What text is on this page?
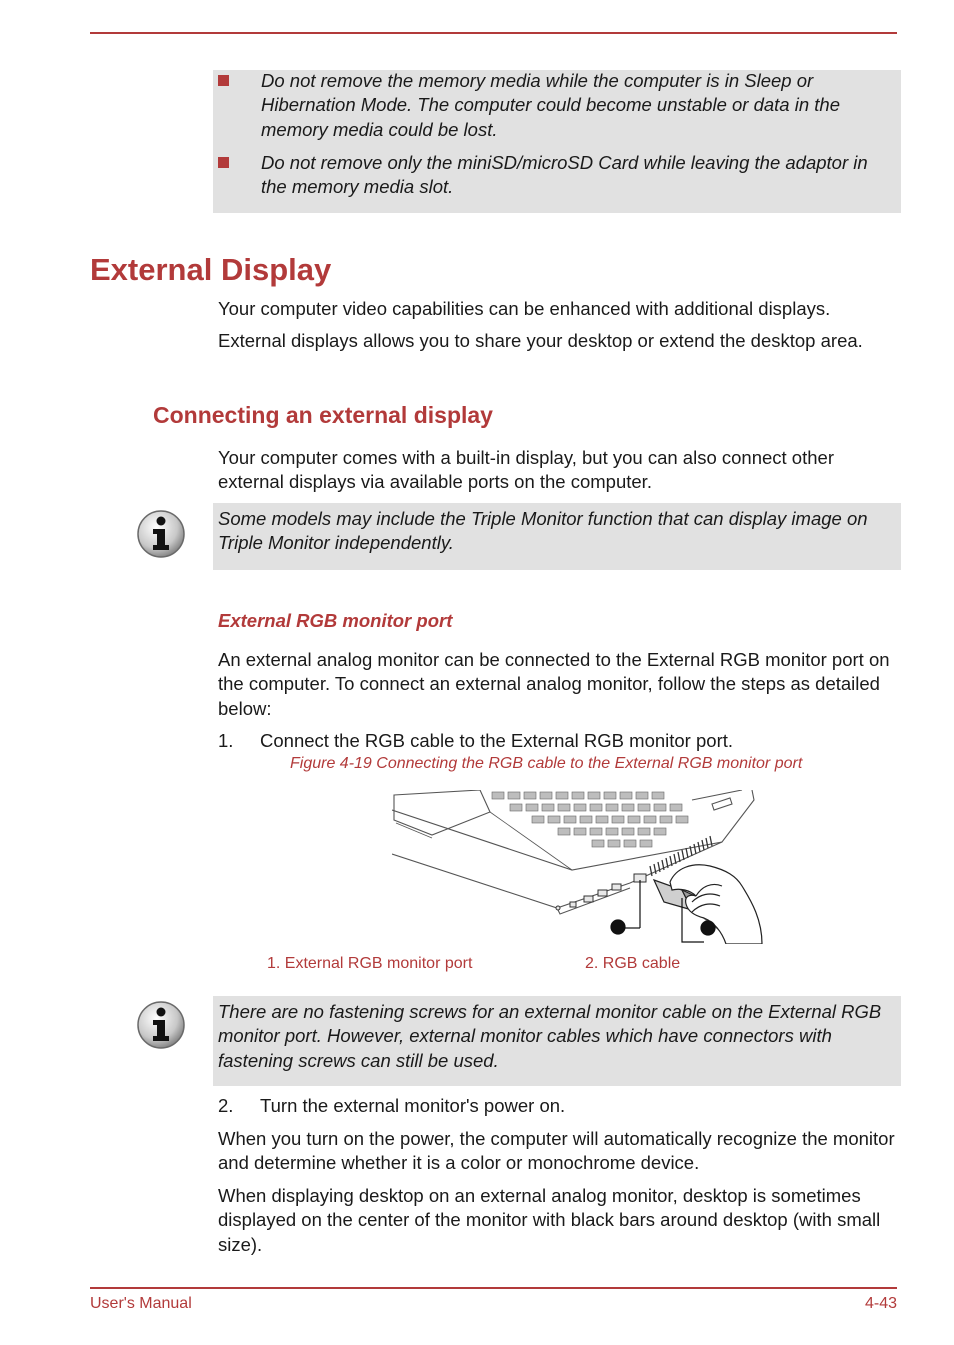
Do not remove the memory media while the computer is in Sleep or Hibernation Mode. The computer could become unstable or data in the memory media could be lost.
Do not remove only the miniSD/microSD Card while leaving the adaptor in the memory media slot.
External Display

Your computer video capabilities can be enhanced with additional displays.

External displays allows you to share your desktop or extend the desktop area.

Connecting an external display

Your computer comes with a built-in display, but you can also connect other external displays via available ports on the computer.

Some models may include the Triple Monitor function that can display image on Triple Monitor independently.
External RGB monitor port

An external analog monitor can be connected to the External RGB monitor port on the computer. To connect an external analog monitor, follow the steps as detailed below:

1. Connect the RGB cable to the External RGB monitor port.
Figure 4-19 Connecting the RGB cable to the External RGB monitor port
1. External RGB monitor port	2. RGB cable
There are no fastening screws for an external monitor cable on the External RGB monitor port. However, external monitor cables which have connectors with fastening screws can still be used.
2. Turn the external monitor's power on.

When you turn on the power, the computer will automatically recognize the monitor and determine whether it is a color or monochrome device.

When displaying desktop on an external analog monitor, desktop is sometimes displayed on the center of the monitor with black bars around desktop (with small size).

User's Manual	4-43
